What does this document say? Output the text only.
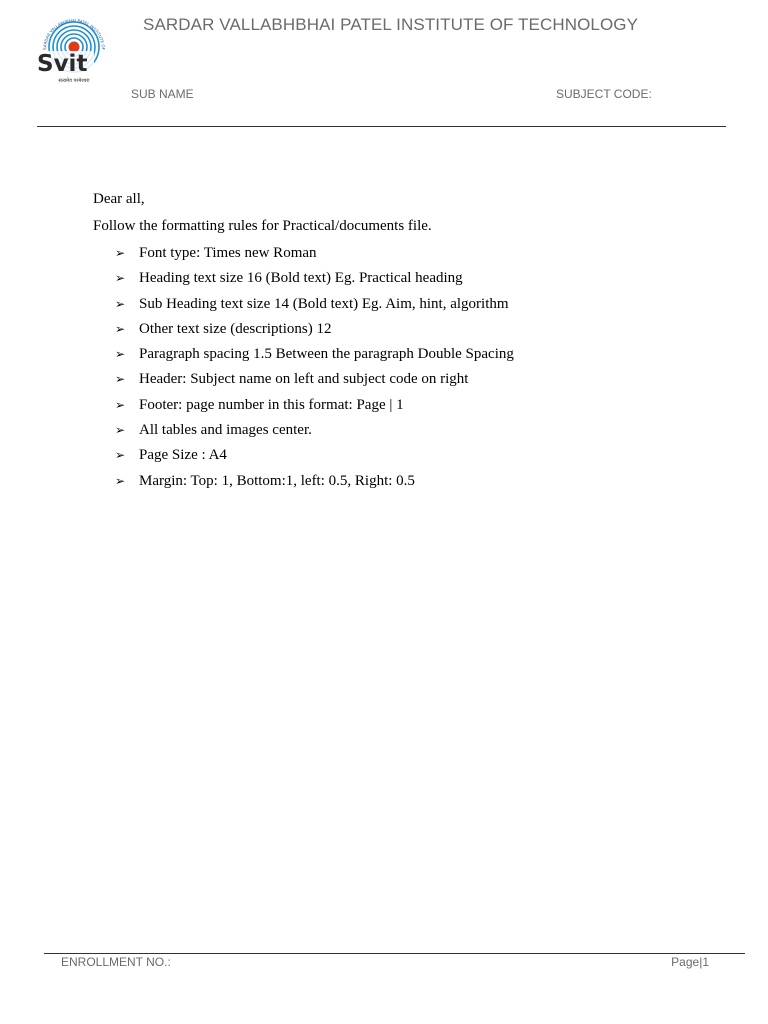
SARDAR VALLABHBHAI PATEL INSTITUTE OF
Svit
सत्यमेव परमेश्वरा
SARDAR VALLABHBHAI PATEL INSTITUTE OF TECHNOLOGY
SUB NAME	SUBJECT CODE:
Dear all,
Follow the formatting rules for Practical/documents file.
➢ Font type: Times new Roman
➢ Heading text size 16 (Bold text) Eg. Practical heading
➢ Sub Heading text size 14 (Bold text) Eg. Aim, hint, algorithm
➢ Other text size (descriptions) 12
➢ Paragraph spacing 1.5 Between the paragraph Double Spacing
➢ Header: Subject name on left and subject code on right
➢ Footer: page number in this format: Page | 1
➢ All tables and images center.
➢ Page Size : A4
➢ Margin: Top: 1, Bottom:1, left: 0.5, Right: 0.5
ENROLLMENT NO.:	Page|1
